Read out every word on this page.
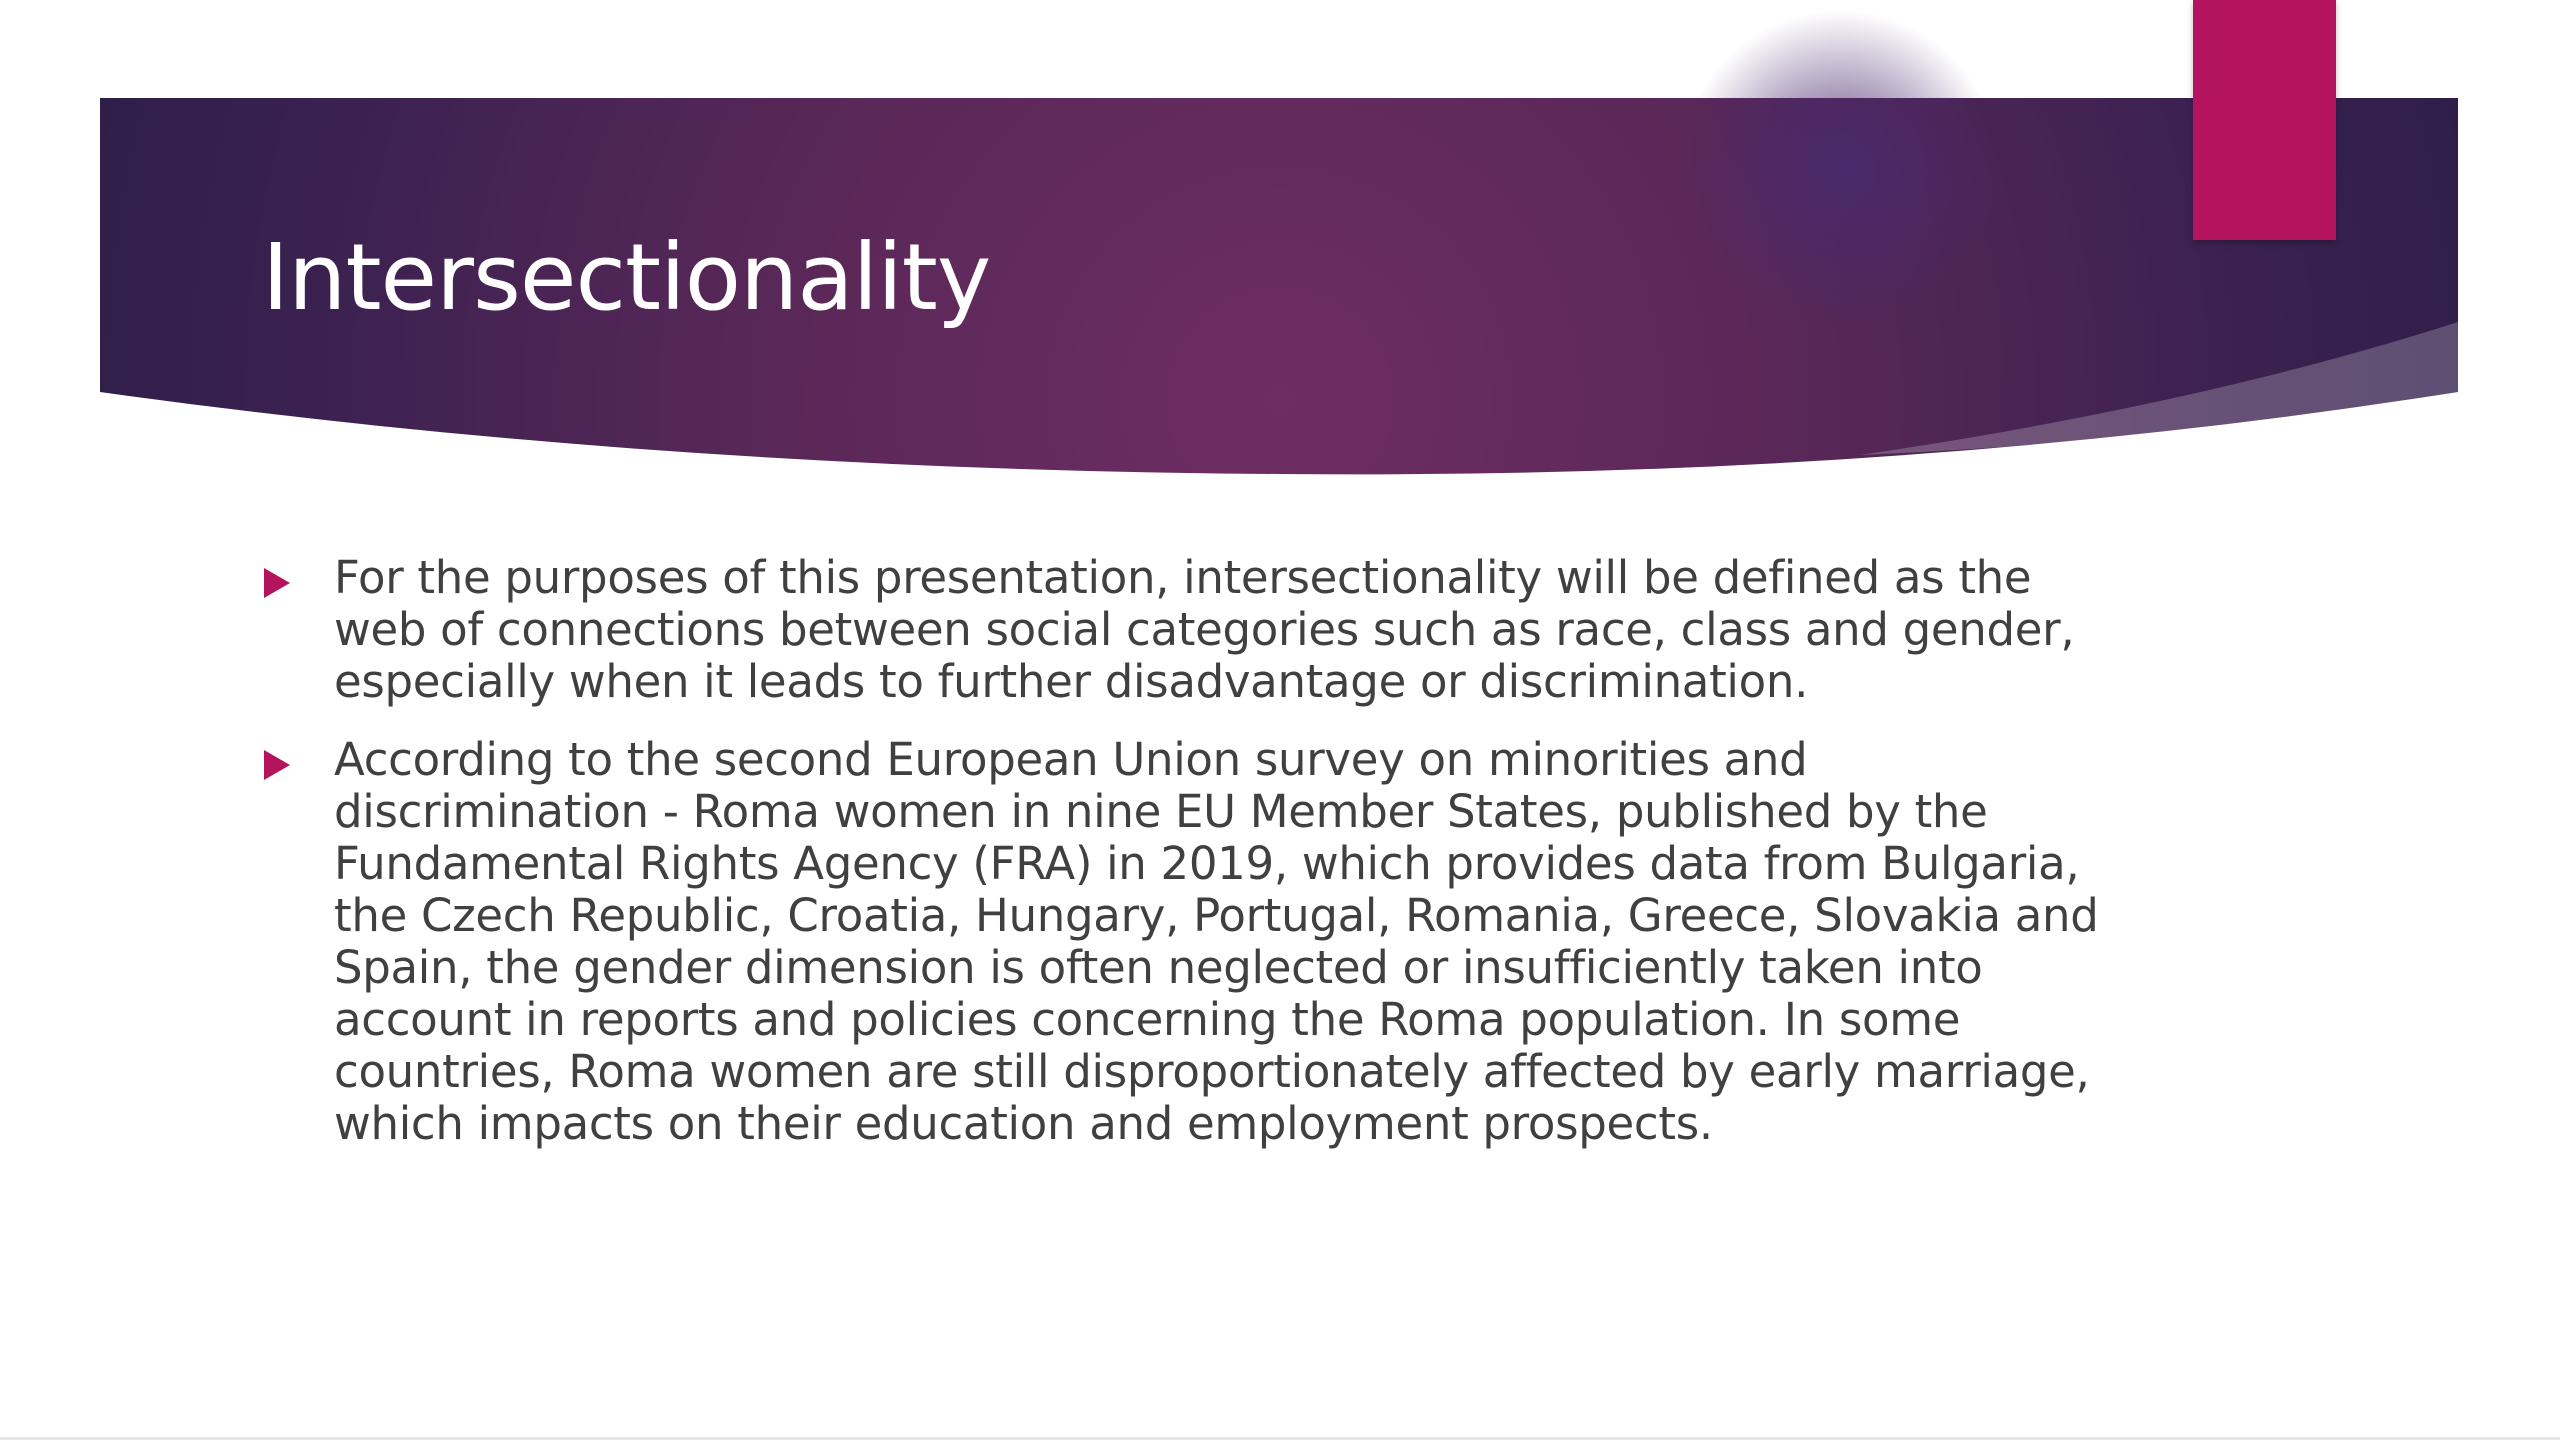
Intersectionality
For the purposes of this presentation, intersectionality will be defined as the web of connections between social categories such as race, class and gender, especially when it leads to further disadvantage or discrimination.
According to the second European Union survey on minorities and discrimination - Roma women in nine EU Member States, published by the Fundamental Rights Agency (FRA) in 2019, which provides data from Bulgaria, the Czech Republic, Croatia, Hungary, Portugal, Romania, Greece, Slovakia and Spain, the gender dimension is often neglected or insufficiently taken into account in reports and policies concerning the Roma population. In some countries, Roma women are still disproportionately affected by early marriage, which impacts on their education and employment prospects.
